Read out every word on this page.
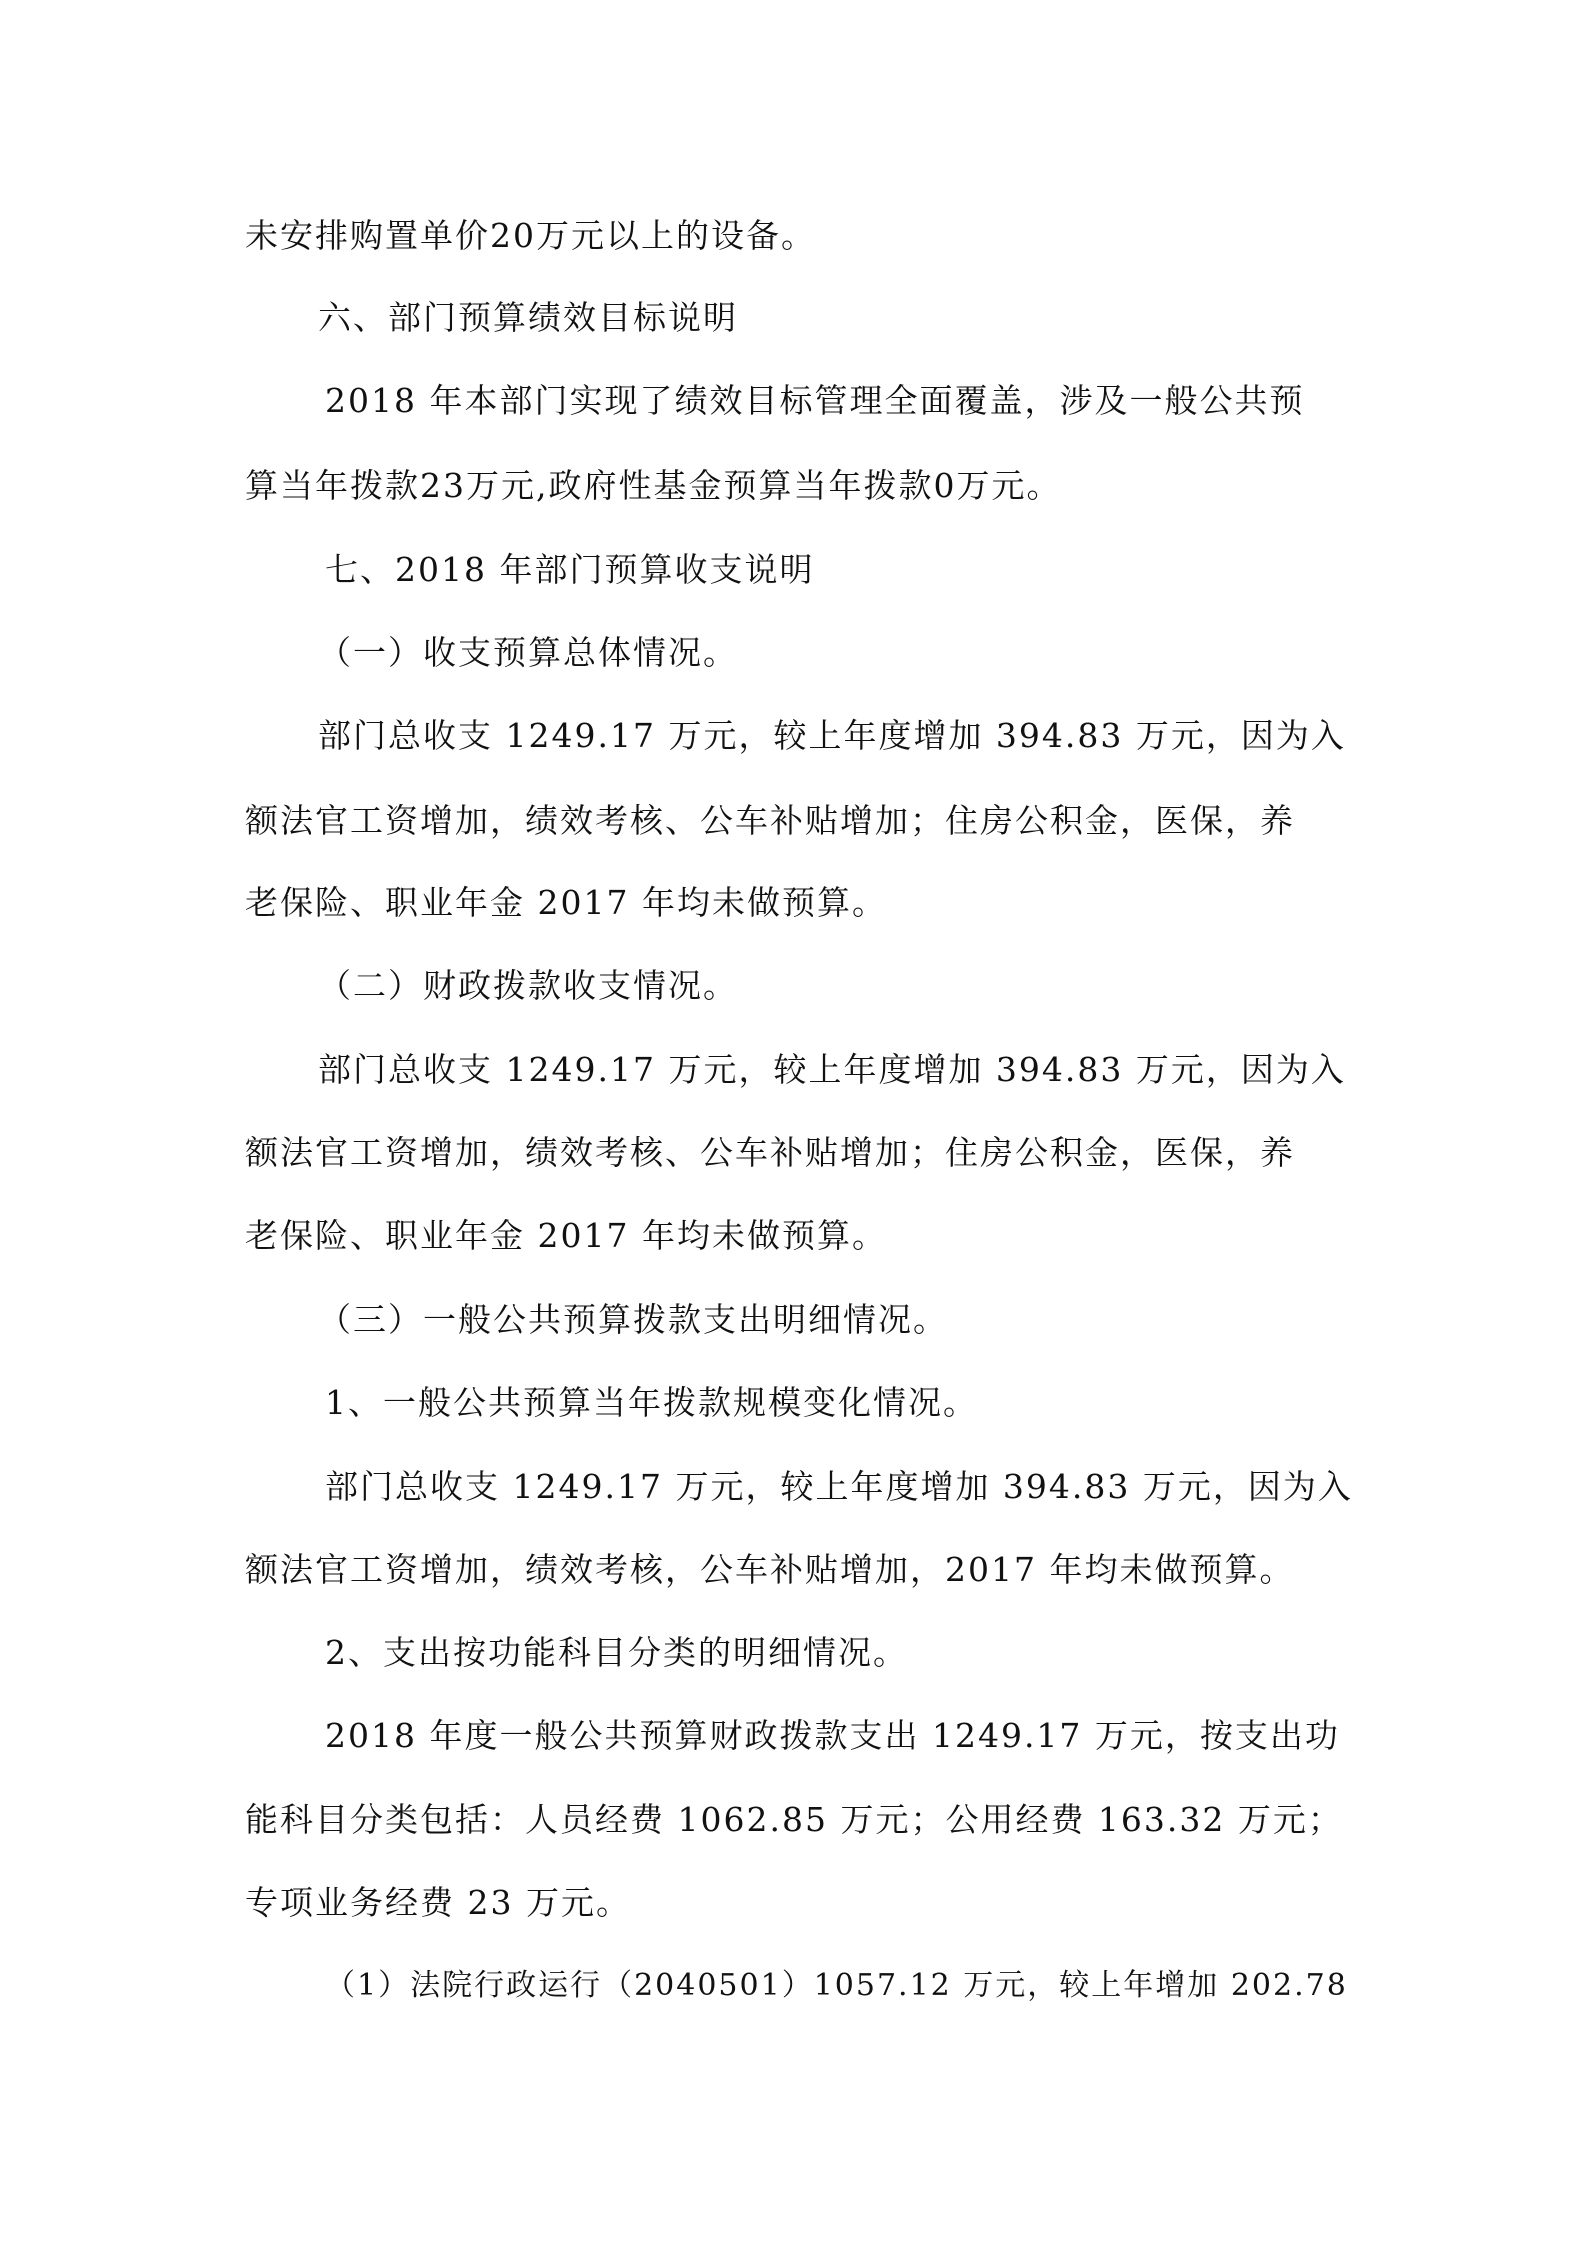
未安排购置单价20万元以上的设备。
六、部门预算绩效目标说明
2018 年本部门实现了绩效目标管理全面覆盖，涉及一般公共预
算当年拨款23万元,政府性基金预算当年拨款0万元。
七、2018 年部门预算收支说明
（一）收支预算总体情况。
部门总收支 1249.17 万元，较上年度增加 394.83 万元，因为入
额法官工资增加，绩效考核、公车补贴增加；住房公积金，医保，养
老保险、职业年金 2017 年均未做预算。
（二）财政拨款收支情况。
部门总收支 1249.17 万元，较上年度增加 394.83 万元，因为入
额法官工资增加，绩效考核、公车补贴增加；住房公积金，医保，养
老保险、职业年金 2017 年均未做预算。
（三）一般公共预算拨款支出明细情况。
1、一般公共预算当年拨款规模变化情况。
部门总收支 1249.17 万元，较上年度增加 394.83 万元，因为入
额法官工资增加，绩效考核，公车补贴增加，2017 年均未做预算。
2、支出按功能科目分类的明细情况。
2018 年度一般公共预算财政拨款支出 1249.17 万元，按支出功
能科目分类包括：人员经费 1062.85 万元；公用经费 163.32 万元；
专项业务经费 23 万元。
（1）法院行政运行（2040501）1057.12 万元，较上年增加 202.78
